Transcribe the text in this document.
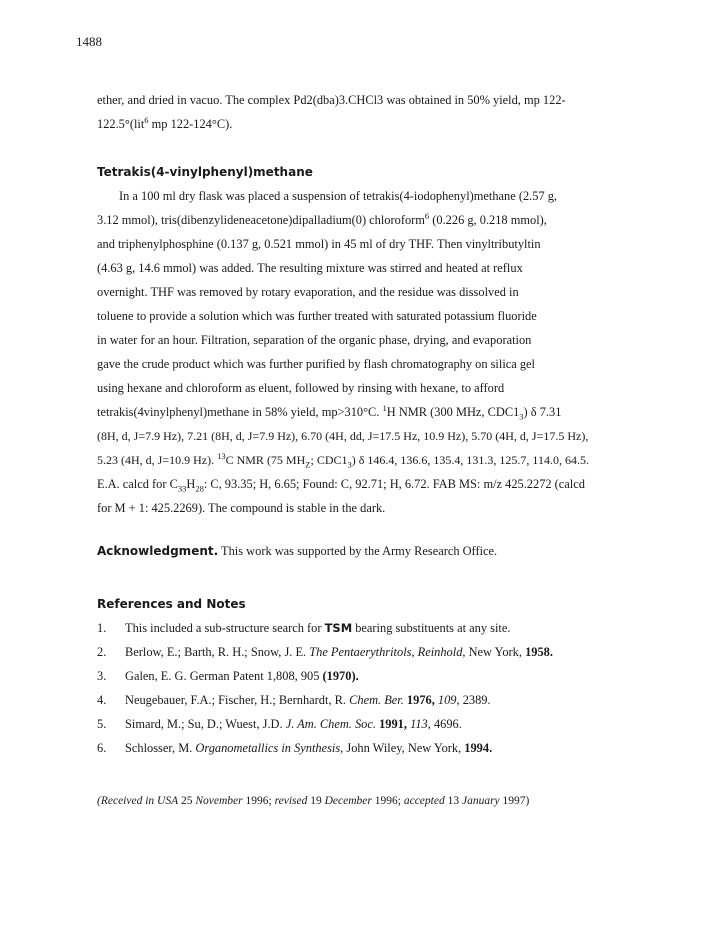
1488
ether, and dried in vacuo. The complex Pd2(dba)3.CHCl3 was obtained in 50% yield, mp 122-
122.5°(lit$^6$ mp 122-124°C).
Tetrakis(4-vinylphenyl)methane
In a 100 ml dry flask was placed a suspension of tetrakis(4-iodophenyl)methane (2.57 g,
3.12 mmol), tris(dibenzylideneacetone)dipalladium(0) chloroform$^6$ (0.226 g, 0.218 mmol),
and triphenylphosphine (0.137 g, 0.521 mmol) in 45 ml of dry THF. Then vinyltributyltin
(4.63 g, 14.6 mmol) was added. The resulting mixture was stirred and heated at reflux
overnight. THF was removed by rotary evaporation, and the residue was dissolved in
toluene to provide a solution which was further treated with saturated potassium fluoride
in water for an hour. Filtration, separation of the organic phase, drying, and evaporation
gave the crude product which was further purified by flash chromatography on silica gel
using hexane and chloroform as eluent, followed by rinsing with hexane, to afford
tetrakis(4vinylphenyl)methane in 58% yield, mp>310°C. $^1$H NMR (300 MHz, $CDC1_3$) δ 7.31
(8H, d, J=7.9 Hz), 7.21 (8H, d, J=7.9 Hz), 6.70 (4H, dd, J=17.5 Hz, 10.9 Hz), 5.70 (4H, d, J=17.5 Hz),
5.23 (4H, d, J=10.9 Hz). $^{13}$C NMR (75 $MH_Z$; $CDC1_3$) δ 146.4, 136.6, 135.4, 131.3, 125.7, 114.0, 64.5.
E.A. calcd for $C_{33}H_{28}$: C, 93.35; H, 6.65; Found: C, 92.71; H, 6.72. FAB MS: m/z 425.2272 (calcd
for M + 1: 425.2269). The compound is stable in the dark.
Acknowledgment. This work was supported by the Army Research Office.
References and Notes
1. This included a sub-structure search for TSM bearing substituents at any site.
2. Berlow, E.; Barth, R. H.; Snow, J. E. The Pentaerythritols, Reinhold, New York, 1958.
3. Galen, E. G. German Patent 1,808, 905 (1970).
4. Neugebauer, F.A.; Fischer, H.; Bernhardt, R. Chem. Ber. 1976, 109, 2389.
5. Simard, M.; Su, D.; Wuest, J.D. J. Am. Chem. Soc. 1991, 113, 4696.
6. Schlosser, M. Organometallics in Synthesis, John Wiley, New York, 1994.
(Received in USA 25 November 1996; revised 19 December 1996; accepted 13 January 1997)
